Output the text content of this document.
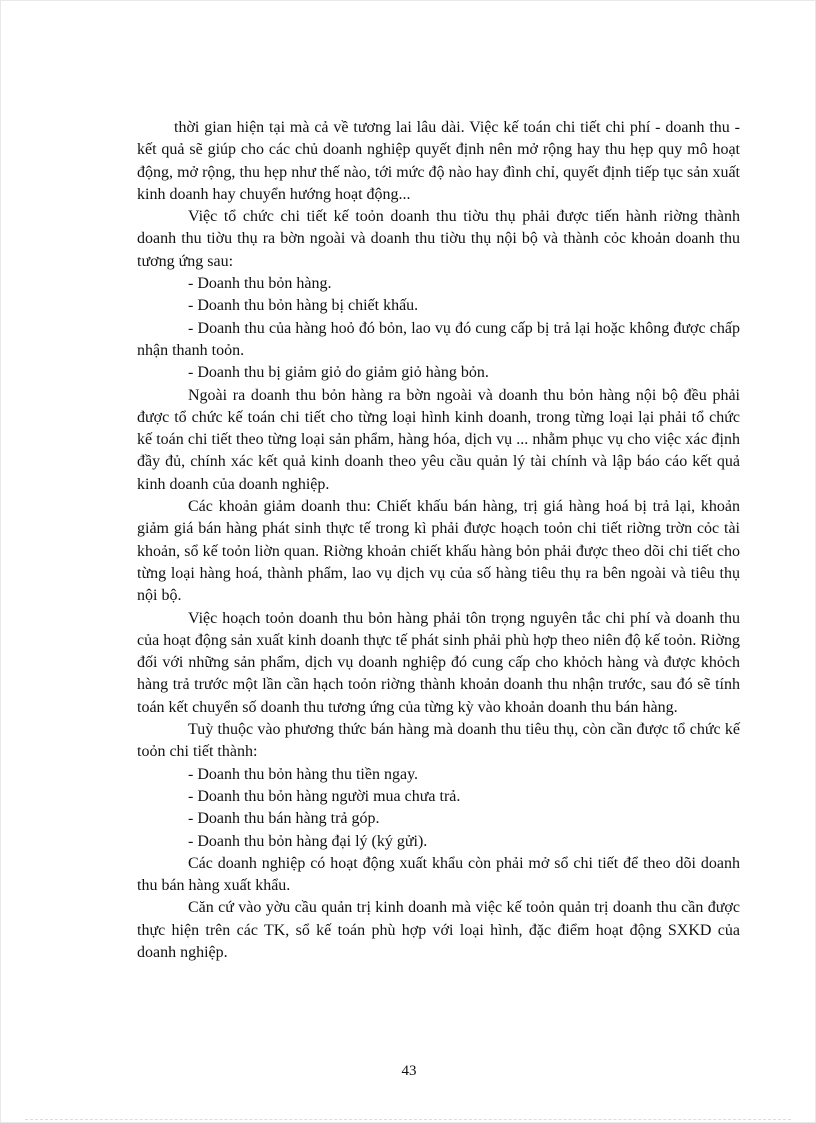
thời gian hiện tại mà cả về tương lai lâu dài. Việc kế toán chi tiết chi phí - doanh thu - kết quả sẽ giúp cho các chủ doanh nghiệp quyết định nên mở rộng hay thu hẹp quy mô hoạt động, mở rộng, thu hẹp như thế nào, tới mức độ nào hay đình chỉ, quyết định tiếp tục sản xuất kinh doanh hay chuyển hướng hoạt động...

Việc tổ chức chi tiết kế toỏn doanh thu tiờu thụ phải được tiến hành riờng thành doanh thu tiờu thụ ra bờn ngoài và doanh thu tiờu thụ nội bộ và thành cỏc khoản doanh thu tương ứng sau:

- Doanh thu bỏn hàng.

- Doanh thu bỏn hàng bị chiết khấu.

- Doanh thu của hàng hoỏ đó bỏn, lao vụ đó cung cấp bị trả lại hoặc không được chấp nhận thanh toỏn.

- Doanh thu bị giảm giỏ do giảm giỏ hàng bỏn.

Ngoài ra doanh thu bỏn hàng ra bờn ngoài và doanh thu bỏn hàng nội bộ đều phải được tổ chức kế toán chi tiết cho từng loại hình kinh doanh, trong từng loại lại phải tổ chức kế toán chi tiết theo từng loại sản phẩm, hàng hóa, dịch vụ ... nhằm phục vụ cho việc xác định đầy đủ, chính xác kết quả kinh doanh theo yêu cầu quản lý tài chính và lập báo cáo kết quả kinh doanh của doanh nghiệp.

Các khoản giảm doanh thu: Chiết khấu bán hàng, trị giá hàng hoá bị trả lại, khoản giảm giá bán hàng phát sinh thực tế trong kì phải được hoạch toỏn chi tiết riờng trờn cỏc tài khoản, sổ kế toỏn liờn quan. Riờng khoản chiết khấu hàng bỏn phải được theo dõi chi tiết cho từng loại hàng hoá, thành phẩm, lao vụ dịch vụ của số hàng tiêu thụ ra bên ngoài và tiêu thụ nội bộ.

Việc hoạch toỏn doanh thu bỏn hàng phải tôn trọng nguyên tắc chi phí và doanh thu của hoạt động sản xuất kinh doanh thực tế phát sinh phải phù hợp theo niên độ kế toỏn. Riờng đối với những sản phẩm, dịch vụ doanh nghiệp đó cung cấp cho khỏch hàng và được khỏch hàng trả trước một lần cần hạch toỏn riờng thành khoản doanh thu nhận trước, sau đó sẽ tính toán kết chuyển số doanh thu tương ứng của từng kỳ vào khoản doanh thu bán hàng.

Tuỳ thuộc vào phương thức bán hàng mà doanh thu tiêu thụ, còn cần được tổ chức kế toỏn chi tiết thành:

- Doanh thu bỏn hàng thu tiền ngay.

- Doanh thu bỏn hàng người mua chưa trả.

- Doanh thu bán hàng trả góp.

- Doanh thu bỏn hàng đại lý (ký gửi).

Các doanh nghiệp có hoạt động xuất khẩu còn phải mở sổ chi tiết để theo dõi doanh thu bán hàng xuất khẩu.

Căn cứ vào yờu cầu quản trị kinh doanh mà việc kế toỏn quản trị doanh thu cần được thực hiện trên các TK, sổ kế toán phù hợp với loại hình, đặc điểm hoạt động SXKD của doanh nghiệp.

43
